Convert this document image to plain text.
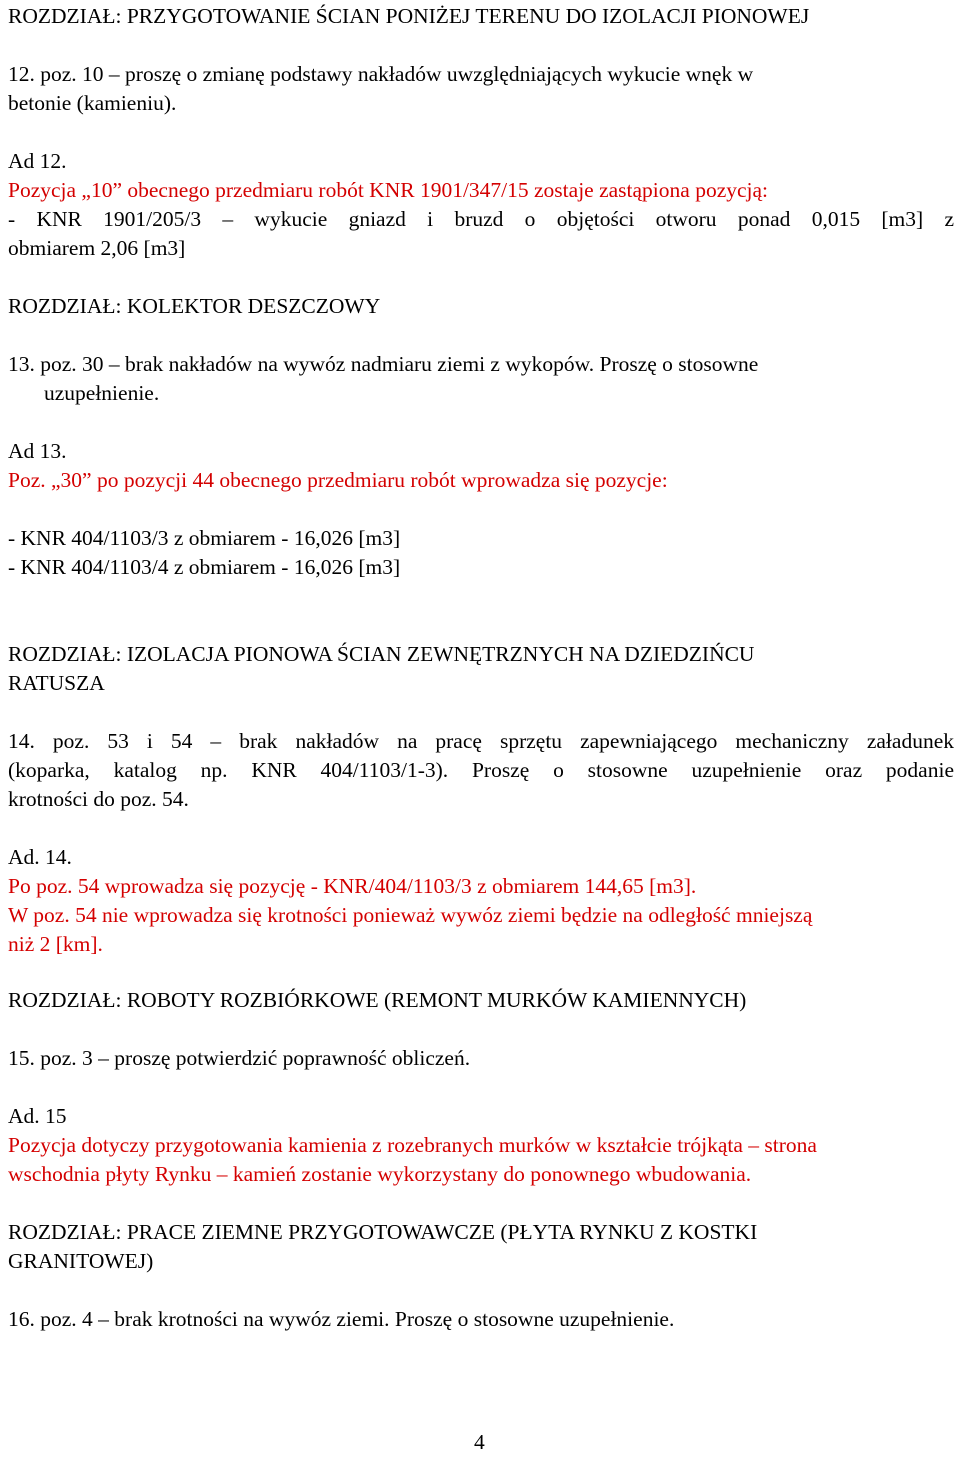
ROZDZIAŁ: PRZYGOTOWANIE ŚCIAN PONIŻEJ TERENU DO IZOLACJI PIONOWEJ
12. poz. 10 – proszę o zmianę podstawy nakładów uwzględniających wykucie wnęk w
betonie (kamieniu).
Ad 12.
Pozycja „10” obecnego przedmiaru robót KNR 1901/347/15 zostaje zastąpiona pozycją:
- KNR 1901/205/3 – wykucie gniazd i bruzd o objętości otworu ponad 0,015 [m3] z
obmiarem 2,06 [m3]
ROZDZIAŁ: KOLEKTOR DESZCZOWY
13. poz. 30 – brak nakładów na wywóz nadmiaru ziemi z wykopów. Proszę o stosowne
uzupełnienie.
Ad 13.
Poz. „30” po pozycji 44 obecnego przedmiaru robót wprowadza się pozycje:
- KNR 404/1103/3 z obmiarem - 16,026 [m3]
- KNR 404/1103/4 z obmiarem - 16,026 [m3]
ROZDZIAŁ: IZOLACJA PIONOWA ŚCIAN ZEWNĘTRZNYCH NA DZIEDZIŃCU
RATUSZA
14. poz. 53 i 54 – brak nakładów na pracę sprzętu zapewniającego mechaniczny załadunek
(koparka, katalog np. KNR 404/1103/1-3). Proszę o stosowne uzupełnienie oraz podanie
krotności do poz. 54.
Ad. 14.
Po poz. 54 wprowadza się pozycję - KNR/404/1103/3 z obmiarem 144,65 [m3].
W poz. 54 nie wprowadza się krotności ponieważ wywóz ziemi będzie na odległość mniejszą
niż 2 [km].
ROZDZIAŁ: ROBOTY ROZBIÓRKOWE (REMONT MURKÓW KAMIENNYCH)
15. poz. 3 – proszę potwierdzić poprawność obliczeń.
Ad. 15
Pozycja dotyczy przygotowania kamienia z rozebranych murków w kształcie trójkąta – strona
wschodnia płyty Rynku – kamień zostanie wykorzystany do ponownego wbudowania.
ROZDZIAŁ: PRACE ZIEMNE PRZYGOTOWAWCZE (PŁYTA RYNKU Z KOSTKI
GRANITOWEJ)
16. poz. 4 – brak krotności na wywóz ziemi. Proszę o stosowne uzupełnienie.
4
